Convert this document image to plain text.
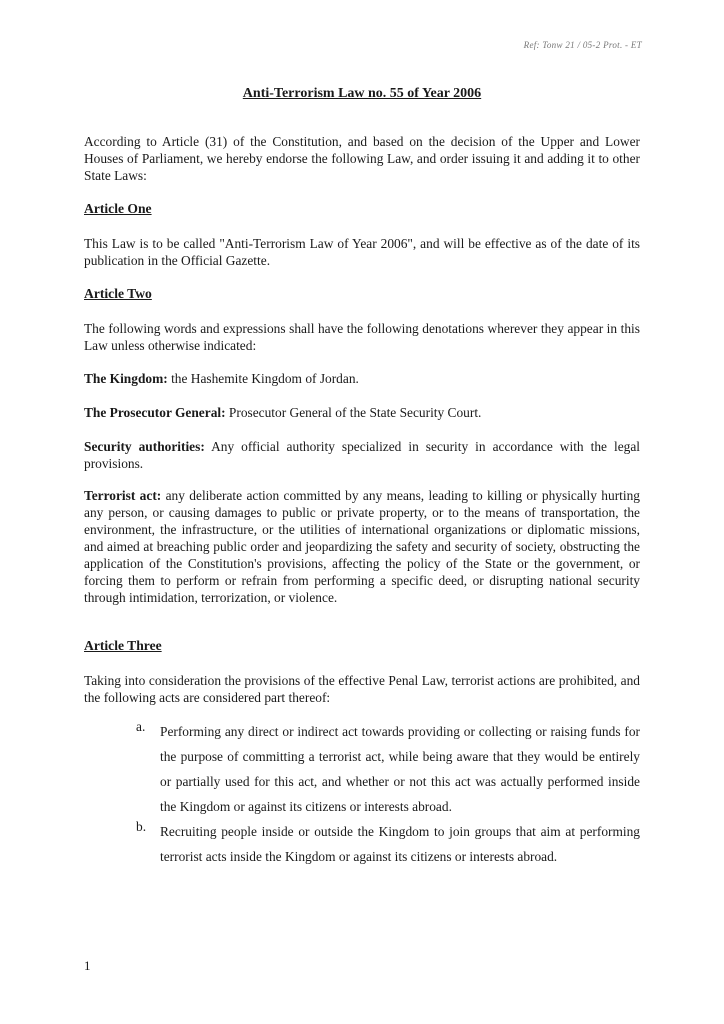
Ref: Tonw 21 / 05-2 Prot. - ET
Anti-Terrorism Law no. 55 of Year 2006

According to Article (31) of the Constitution, and based on the decision of the Upper and Lower Houses of Parliament, we hereby endorse the following Law, and order issuing it and adding it to other State Laws:

Article One

This Law is to be called "Anti-Terrorism Law of Year 2006", and will be effective as of the date of its publication in the Official Gazette.

Article Two

The following words and expressions shall have the following denotations wherever they appear in this Law unless otherwise indicated:

The Kingdom: the Hashemite Kingdom of Jordan.

The Prosecutor General: Prosecutor General of the State Security Court.

Security authorities: Any official authority specialized in security in accordance with the legal provisions.

Terrorist act: any deliberate action committed by any means, leading to killing or physically hurting any person, or causing damages to public or private property, or to the means of transportation, the environment, the infrastructure, or the utilities of international organizations or diplomatic missions, and aimed at breaching public order and jeopardizing the safety and security of society, obstructing the application of the Constitution's provisions, affecting the policy of the State or the government, or forcing them to perform or refrain from performing a specific deed, or disrupting national security through intimidation, terrorization, or violence.

Article Three

Taking into consideration the provisions of the effective Penal Law, terrorist actions are prohibited, and the following acts are considered part thereof:

a.	Performing any direct or indirect act towards providing or collecting or raising funds for the purpose of committing a terrorist act, while being aware that they would be entirely or partially used for this act, and whether or not this act was actually performed inside the Kingdom or against its citizens or interests abroad.
b.	Recruiting people inside or outside the Kingdom to join groups that aim at performing terrorist acts inside the Kingdom or against its citizens or interests abroad.
1
